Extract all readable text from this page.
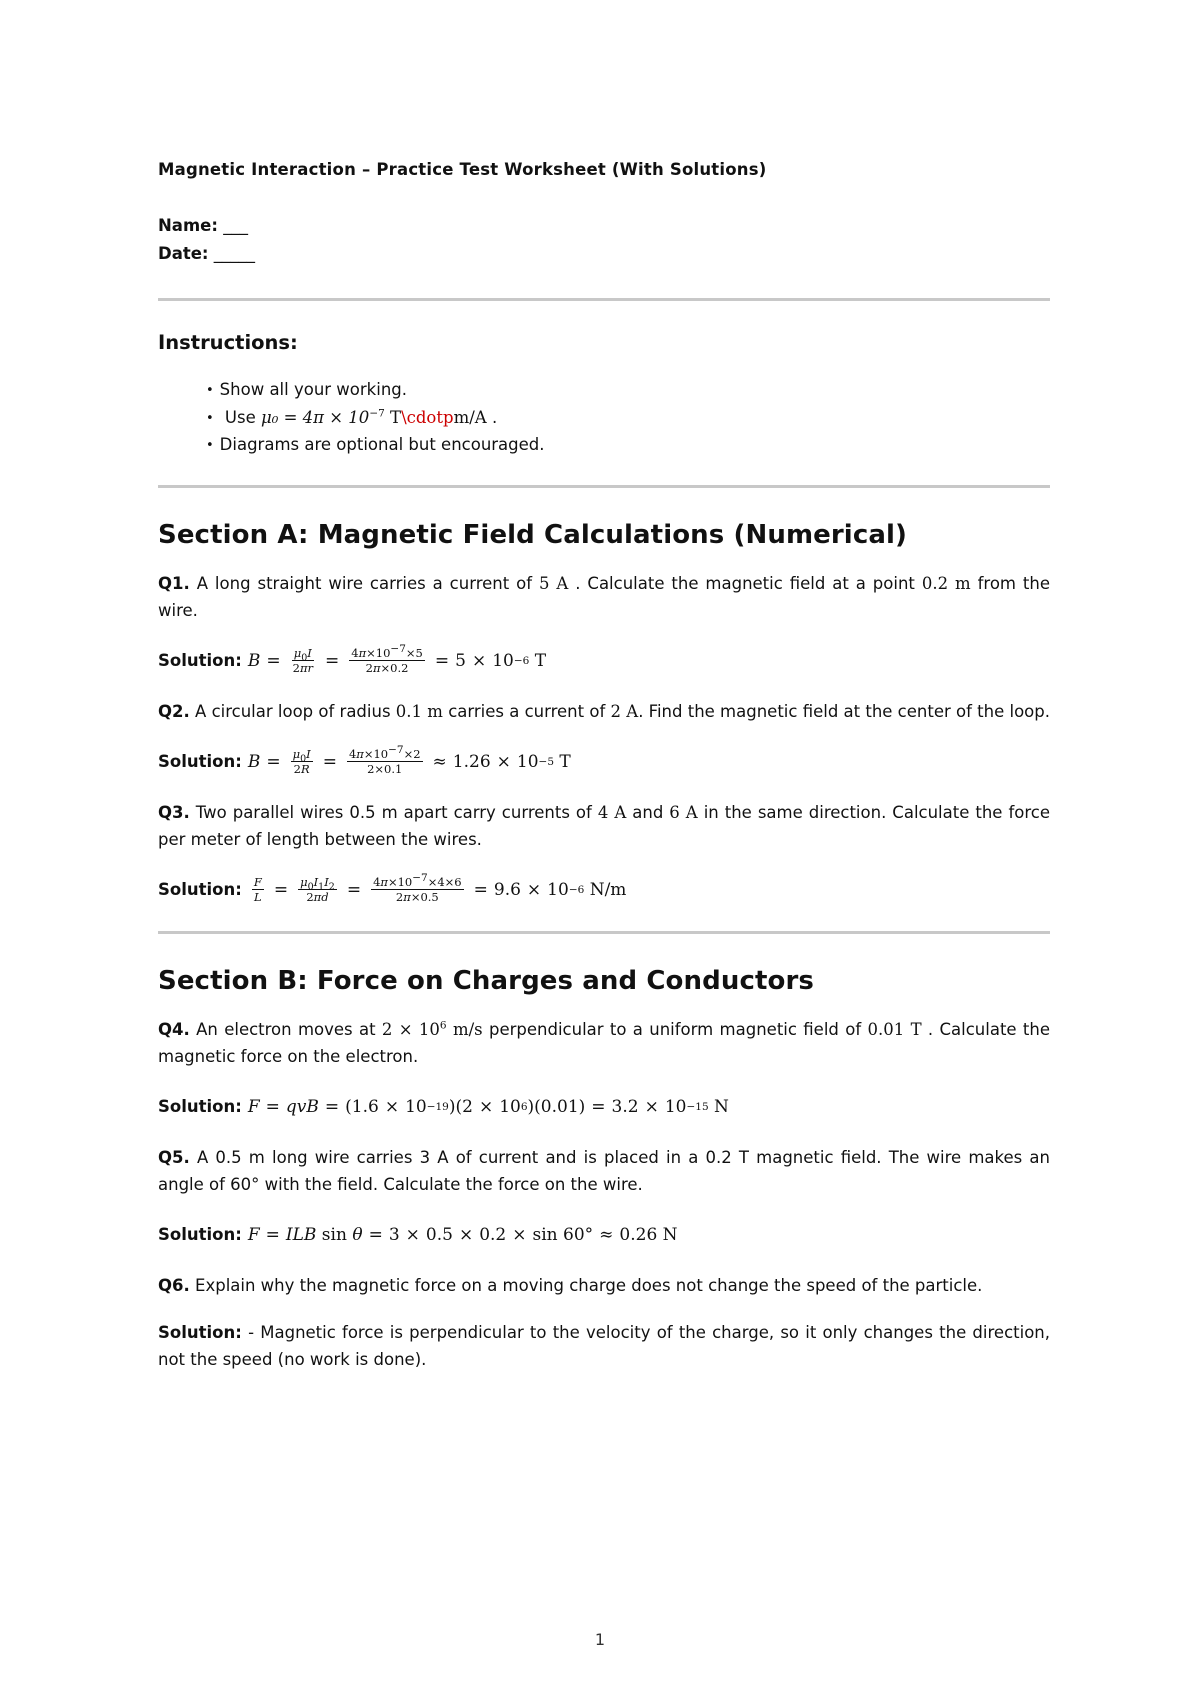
Magnetic Interaction – Practice Test Worksheet (With Solutions)

Name: ___
Date: _____

Instructions:

• Show all your working.
• Use $\mu_0 = 4\pi \times 10^{-7}$ T\cdotpm/A .
• Diagrams are optional but encouraged.
Section A: Magnetic Field Calculations (Numerical)

Q1. A long straight wire carries a current of 5 A . Calculate the magnetic field at a point 0.2 m from the wire.

Solution: $B = \frac{\mu_0I}{2\pi r} = \frac{4\pi\times 10^{-7}\times 5}{2\pi\times 0.2} = 5 \times 10 -6$ T

Q2. A circular loop of radius 0.1 m carries a current of 2 A. Find the magnetic field at the center of the loop.

Solution: $B = \frac{\mu_0I}{2R} = \frac{4\pi\times 10^{-7}\times 2}{2\times 0.1} \approx 1.26 \times 10 -5$ T

Q3. Two parallel wires 0.5 m apart carry currents of 4 A and 6 A in the same direction. Calculate the force per meter of length between the wires.

Solution: $\frac{F}{L} = \frac{\mu_0I_1I_2}{2\pi d} = \frac{4\pi\times 10^{-7}\times 4\times 6}{2\pi\times 0.5} = 9.6 \times 10 -6$ N/m

Section B: Force on Charges and Conductors

Q4. An electron moves at $2 \times 10^6$ m/s perpendicular to a uniform magnetic field of 0.01 T . Calculate the magnetic force on the electron.

Solution: F = qvB = (1.6 × 10 −19 )(2 × 10 6 )(0.01) = 3.2 × 10 −15 N

Q5. A 0.5 m long wire carries 3 A of current and is placed in a 0.2 T magnetic field. The wire makes an angle of 60° with the field. Calculate the force on the wire.

Solution: F = ILB sin θ = 3 × 0.5 × 0.2 × sin 60° ≈ 0.26 N

Q6. Explain why the magnetic force on a moving charge does not change the speed of the particle.

Solution: - Magnetic force is perpendicular to the velocity of the charge, so it only changes the direction, not the speed (no work is done).

1
